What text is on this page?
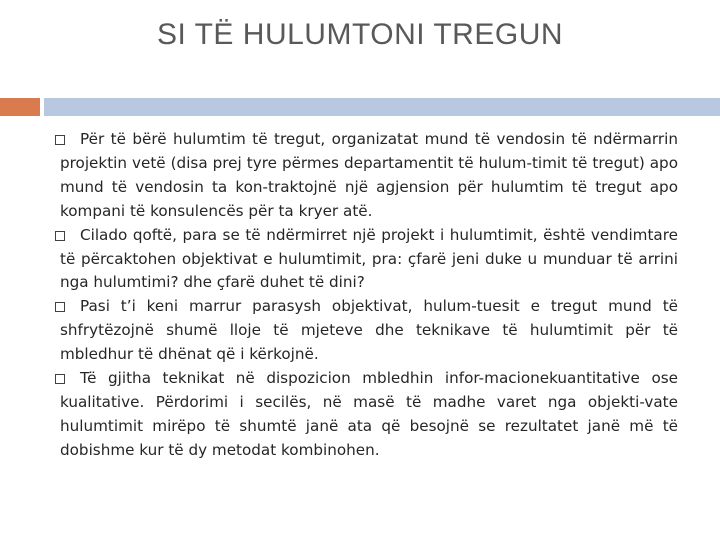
SI TË HULUMTONI TREGUN

Për të bërë hulumtim të tregut, organizatat mund të vendosin të ndërmarrin projektin vetë (disa prej tyre përmes departamentit të hulum-timit të tregut) apo mund të vendosin ta kon-traktojnë një agjension për hulumtim të tregut apo kompani të konsulencës për ta kryer atë.

Cilado qoftë, para se të ndërmirret një projekt i hulumtimit, është vendimtare të përcaktohen objektivat e hulumtimit, pra: çfarë jeni duke u munduar të arrini nga hulumtimi? dhe çfarë duhet të dini?

Pasi t’i keni marrur parasysh objektivat, hulum-tuesit e tregut mund të shfrytëzojnë shumë lloje të mjeteve dhe teknikave të hulumtimit për të mbledhur të dhënat që i kërkojnë.

Të gjitha teknikat në dispozicion mbledhin infor-macionekuantitative ose kualitative. Përdorimi i secilës, në masë të madhe varet nga objekti-vate hulumtimit mirëpo të shumtë janë ata që besojnë se rezultatet janë më të dobishme kur të dy metodat kombinohen.
